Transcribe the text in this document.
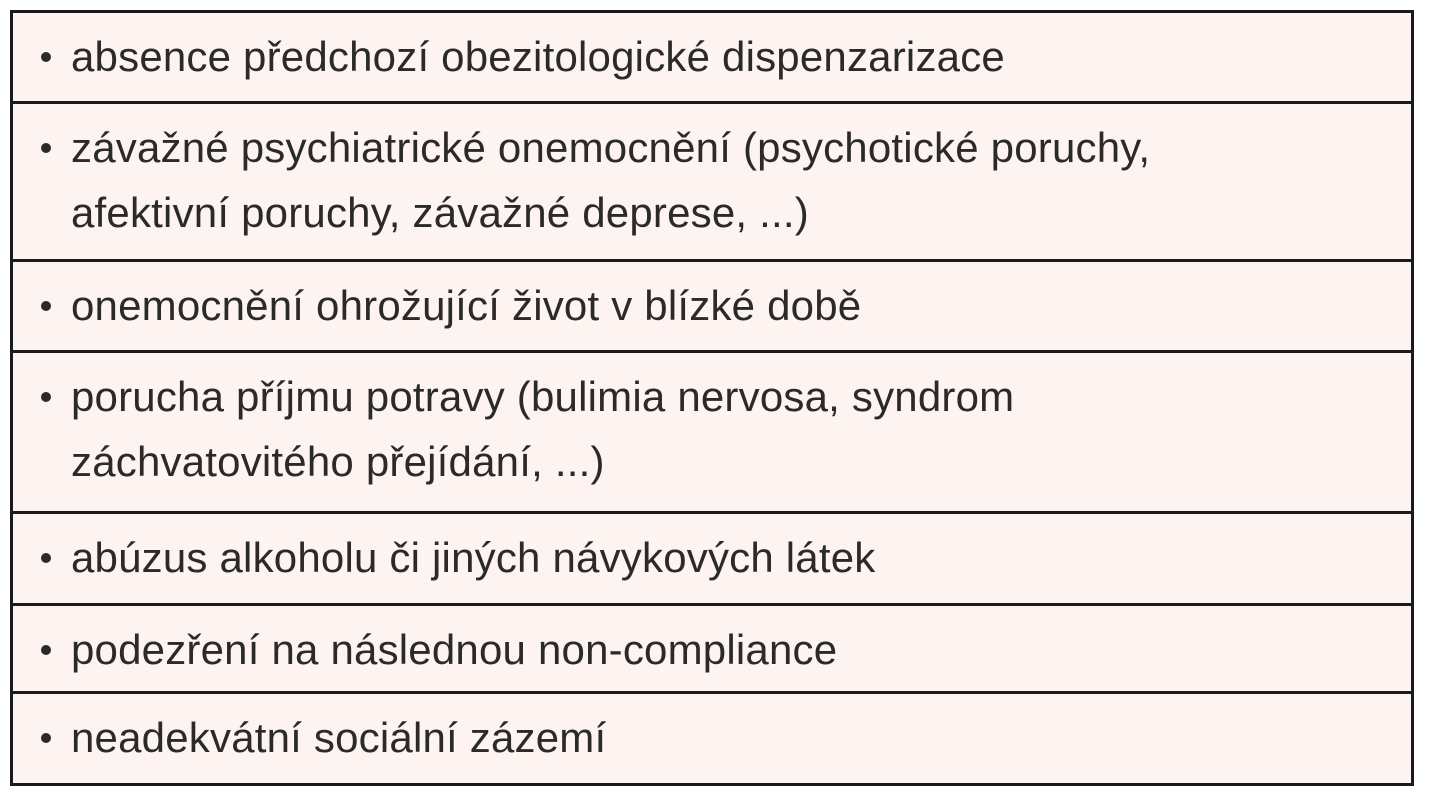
absence předchozí obezitologické dispenzarizace
závažné psychiatrické onemocnění (psychotické poruchy,
afektivní poruchy, závažné deprese, ...)
onemocnění ohrožující život v blízké době
porucha příjmu potravy (bulimia nervosa, syndrom
záchvatovitého přejídání, ...)
abúzus alkoholu či jiných návykových látek
podezření na následnou non-compliance
neadekvátní sociální zázemí
